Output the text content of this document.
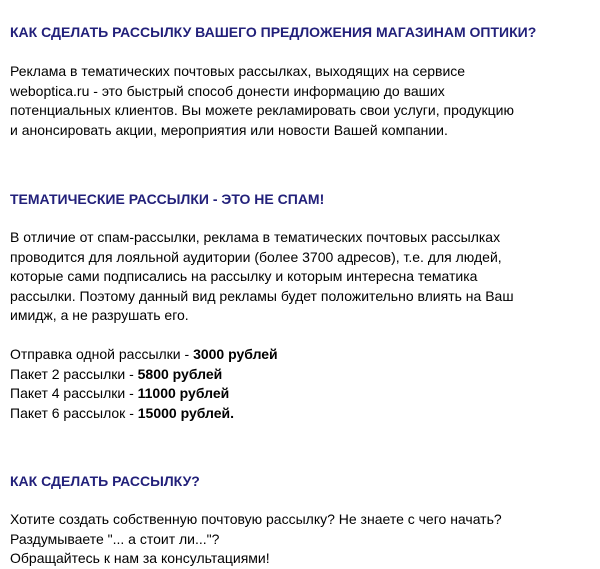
КАК СДЕЛАТЬ РАССЫЛКУ ВАШЕГО ПРЕДЛОЖЕНИЯ МАГАЗИНАМ ОПТИКИ?
Реклама в тематических почтовых рассылках, выходящих на сервисе
weboptica.ru - это быстрый способ донести информацию до ваших
потенциальных клиентов. Вы можете рекламировать свои услуги, продукцию
и анонсировать акции, мероприятия или новости Вашей компании.
ТЕМАТИЧЕСКИЕ РАССЫЛКИ - ЭТО НЕ СПАМ!
В отличие от спам-рассылки, реклама в тематических почтовых рассылках
проводится для лояльной аудитории (более 3700 адресов), т.е. для людей,
которые сами подписались на рассылку и которым интересна тематика
рассылки. Поэтому данный вид рекламы будет положительно влиять на Ваш
имидж, а не разрушать его.
Отправка одной рассылки - 3000 рублей
Пакет 2 рассылки - 5800 рублей
Пакет 4 рассылки - 11000 рублей
Пакет 6 рассылок - 15000 рублей.
КАК СДЕЛАТЬ РАССЫЛКУ?
Хотите создать собственную почтовую рассылку? Не знаете с чего начать?
Раздумываете "... а стоит ли..."?
Обращайтесь к нам за консультациями!
